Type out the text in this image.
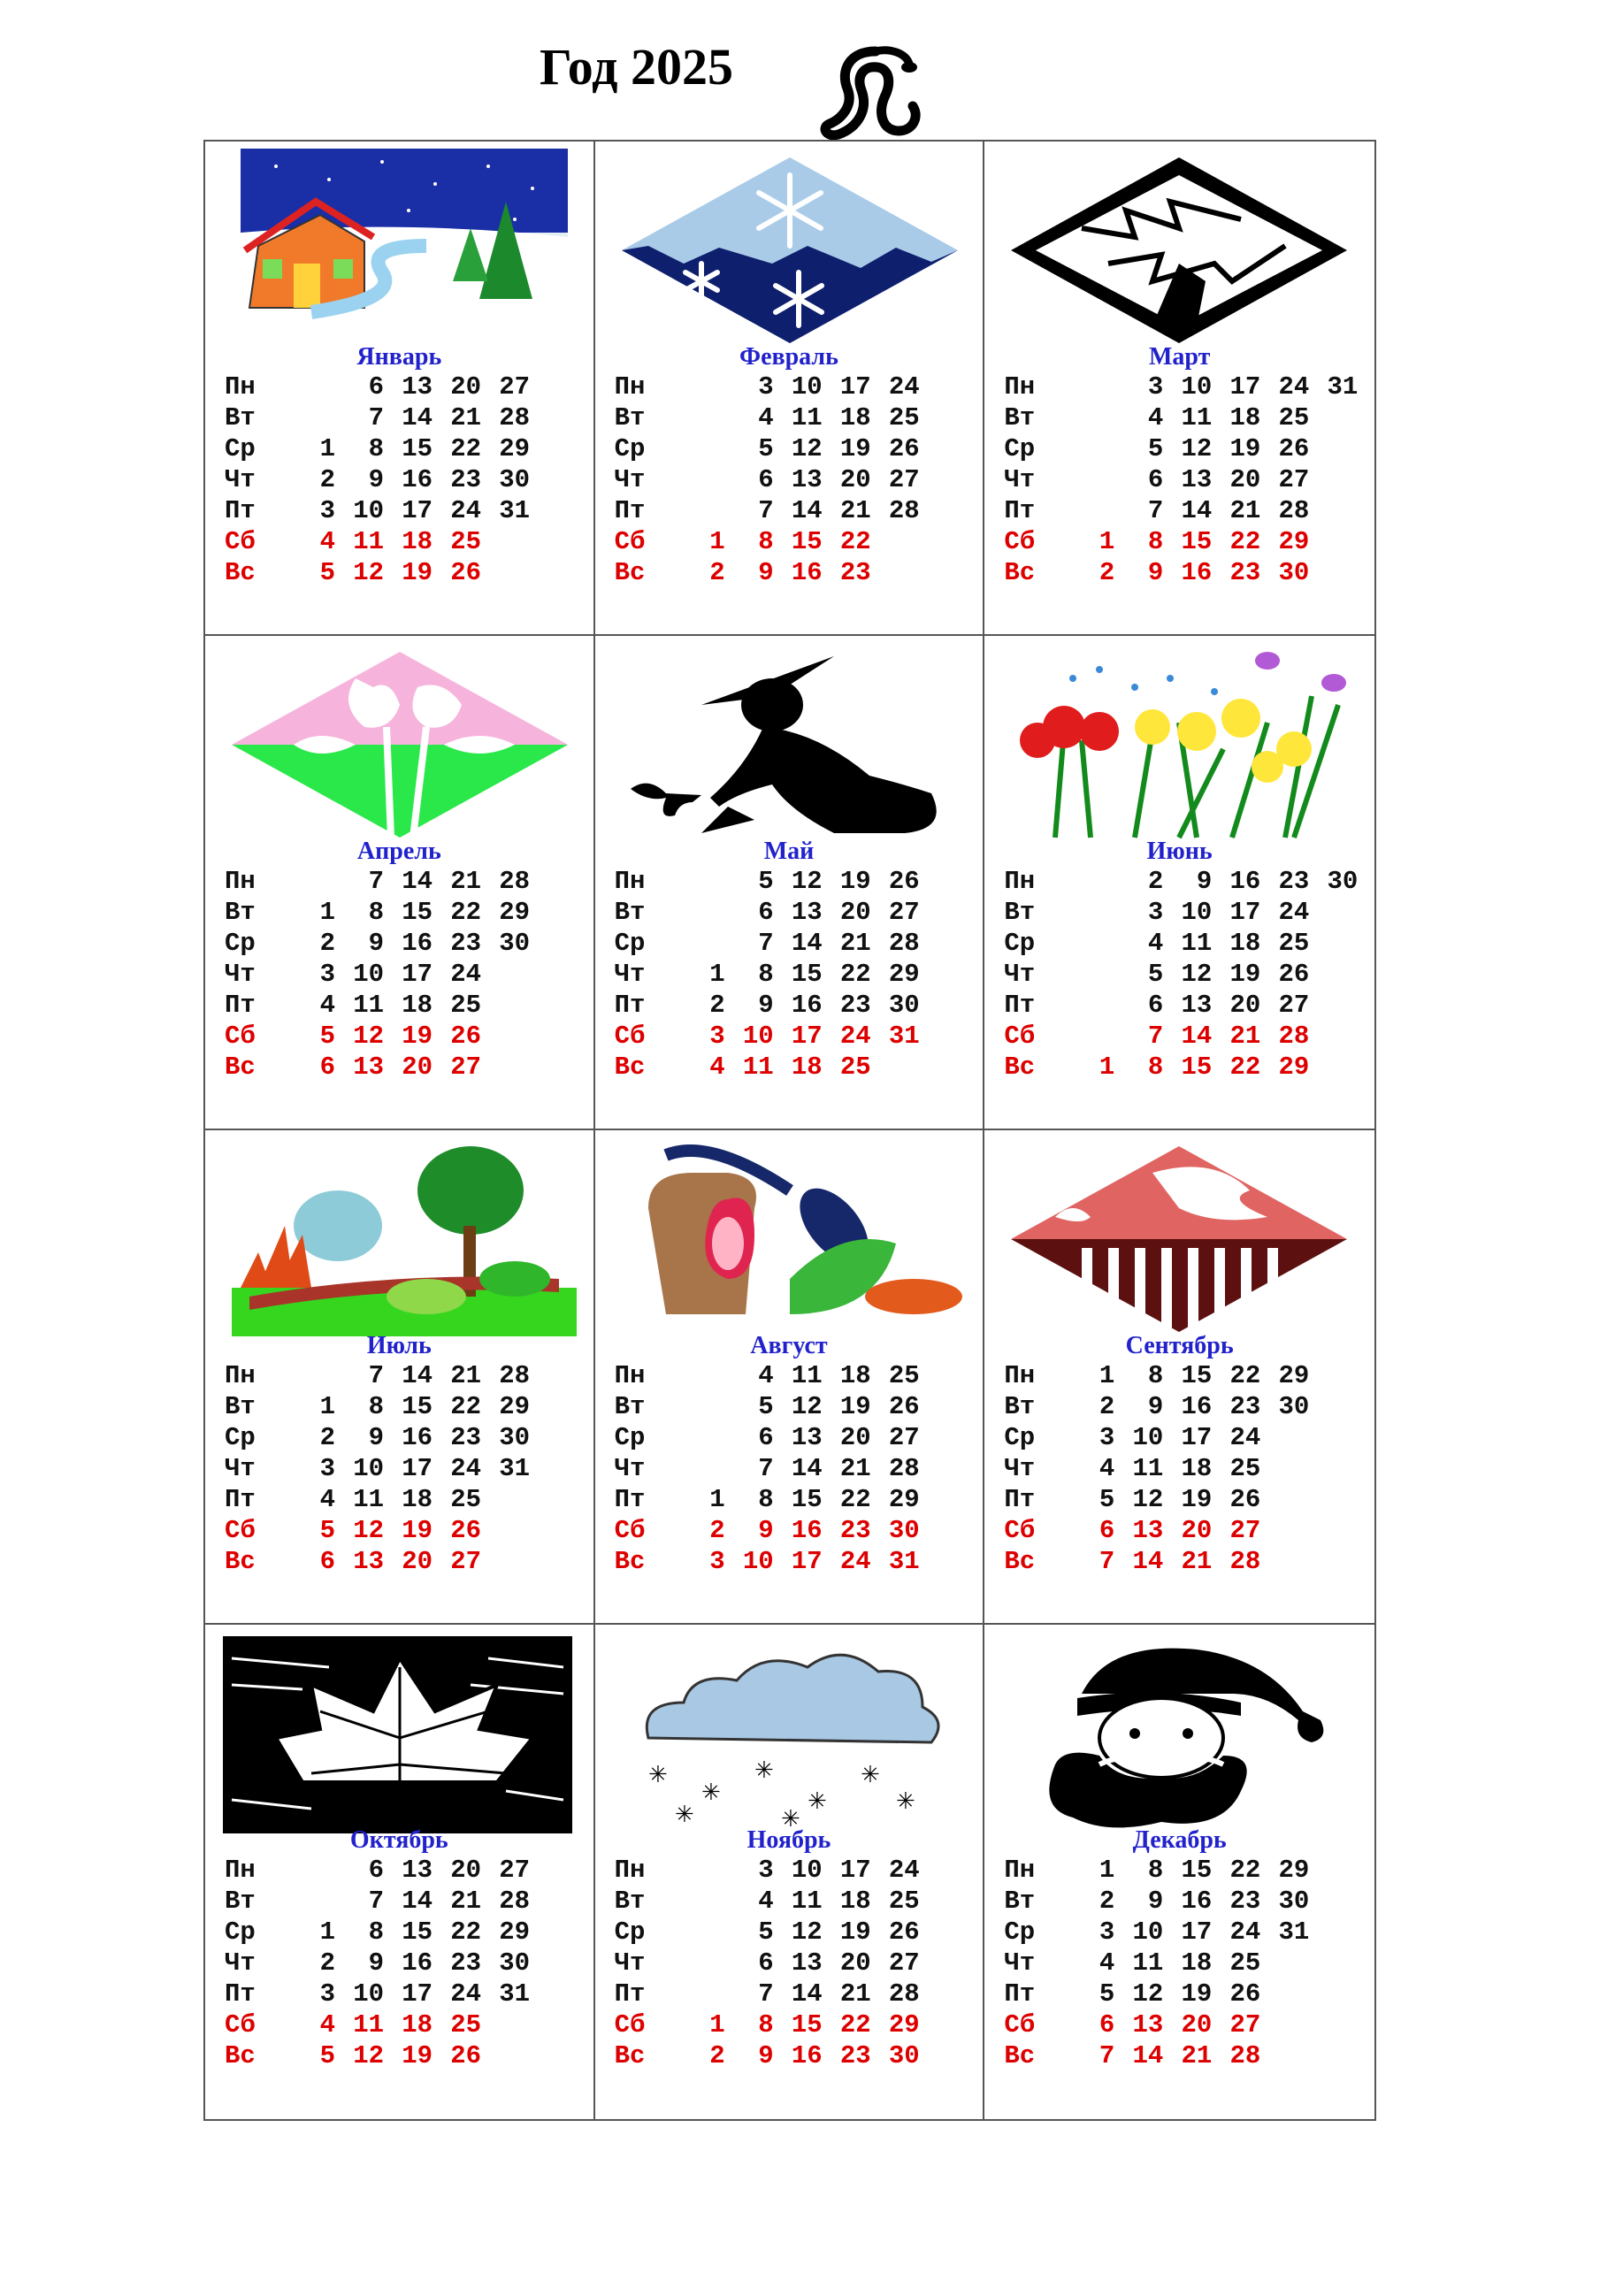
Год 2025
Январь
Пн	6 13 20 27
Вт	7 14 21 28
Ср	1 8 15 22 29
Чт	2 9 16 23 30
Пт	3 10 17 24 31
Сб	4 11 18 25
Вс	5 12 19 26
Февраль
Пн	3 10 17 24
Вт	4 11 18 25
Ср	5 12 19 26
Чт	6 13 20 27
Пт	7 14 21 28
Сб	1 8 15 22
Вс	2 9 16 23
Март
Пн	3 10 17 24 31
Вт	4 11 18 25
Ср	5 12 19 26
Чт	6 13 20 27
Пт	7 14 21 28
Сб	1 8 15 22 29
Вс	2 9 16 23 30
Апрель
Пн	7 14 21 28
Вт	1 8 15 22 29
Ср	2 9 16 23 30
Чт	3 10 17 24
Пт	4 11 18 25
Сб	5 12 19 26
Вс	6 13 20 27
Май
Пн	5 12 19 26
Вт	6 13 20 27
Ср	7 14 21 28
Чт	1 8 15 22 29
Пт	2 9 16 23 30
Сб	3 10 17 24 31
Вс	4 11 18 25
Июнь
Пн	2 9 16 23 30
Вт	3 10 17 24
Ср	4 11 18 25
Чт	5 12 19 26
Пт	6 13 20 27
Сб	7 14 21 28
Вс	1 8 15 22 29
Июль
Пн	7 14 21 28
Вт	1 8 15 22 29
Ср	2 9 16 23 30
Чт	3 10 17 24 31
Пт	4 11 18 25
Сб	5 12 19 26
Вс	6 13 20 27
Август
Пн	4 11 18 25
Вт	5 12 19 26
Ср	6 13 20 27
Чт	7 14 21 28
Пт	1 8 15 22 29
Сб	2 9 16 23 30
Вс	3 10 17 24 31
Сентябрь
Пн	1 8 15 22 29
Вт	2 9 16 23 30
Ср	3 10 17 24
Чт	4 11 18 25
Пт	5 12 19 26
Сб	6 13 20 27
Вс	7 14 21 28
Октябрь
Пн	6 13 20 27
Вт	7 14 21 28
Ср	1 8 15 22 29
Чт	2 9 16 23 30
Пт	3 10 17 24 31
Сб	4 11 18 25
Вс	5 12 19 26
✳
✳
✳
✳
✳
✳
✳	✳
Ноябрь
Пн	3 10 17 24
Вт	4 11 18 25
Ср	5 12 19 26
Чт	6 13 20 27
Пт	7 14 21 28
Сб	1 8 15 22 29
Вс	2 9 16 23 30
Декабрь
Пн	1 8 15 22 29
Вт	2 9 16 23 30
Ср	3 10 17 24 31
Чт	4 11 18 25
Пт	5 12 19 26
Сб	6 13 20 27
Вс	7 14 21 28
